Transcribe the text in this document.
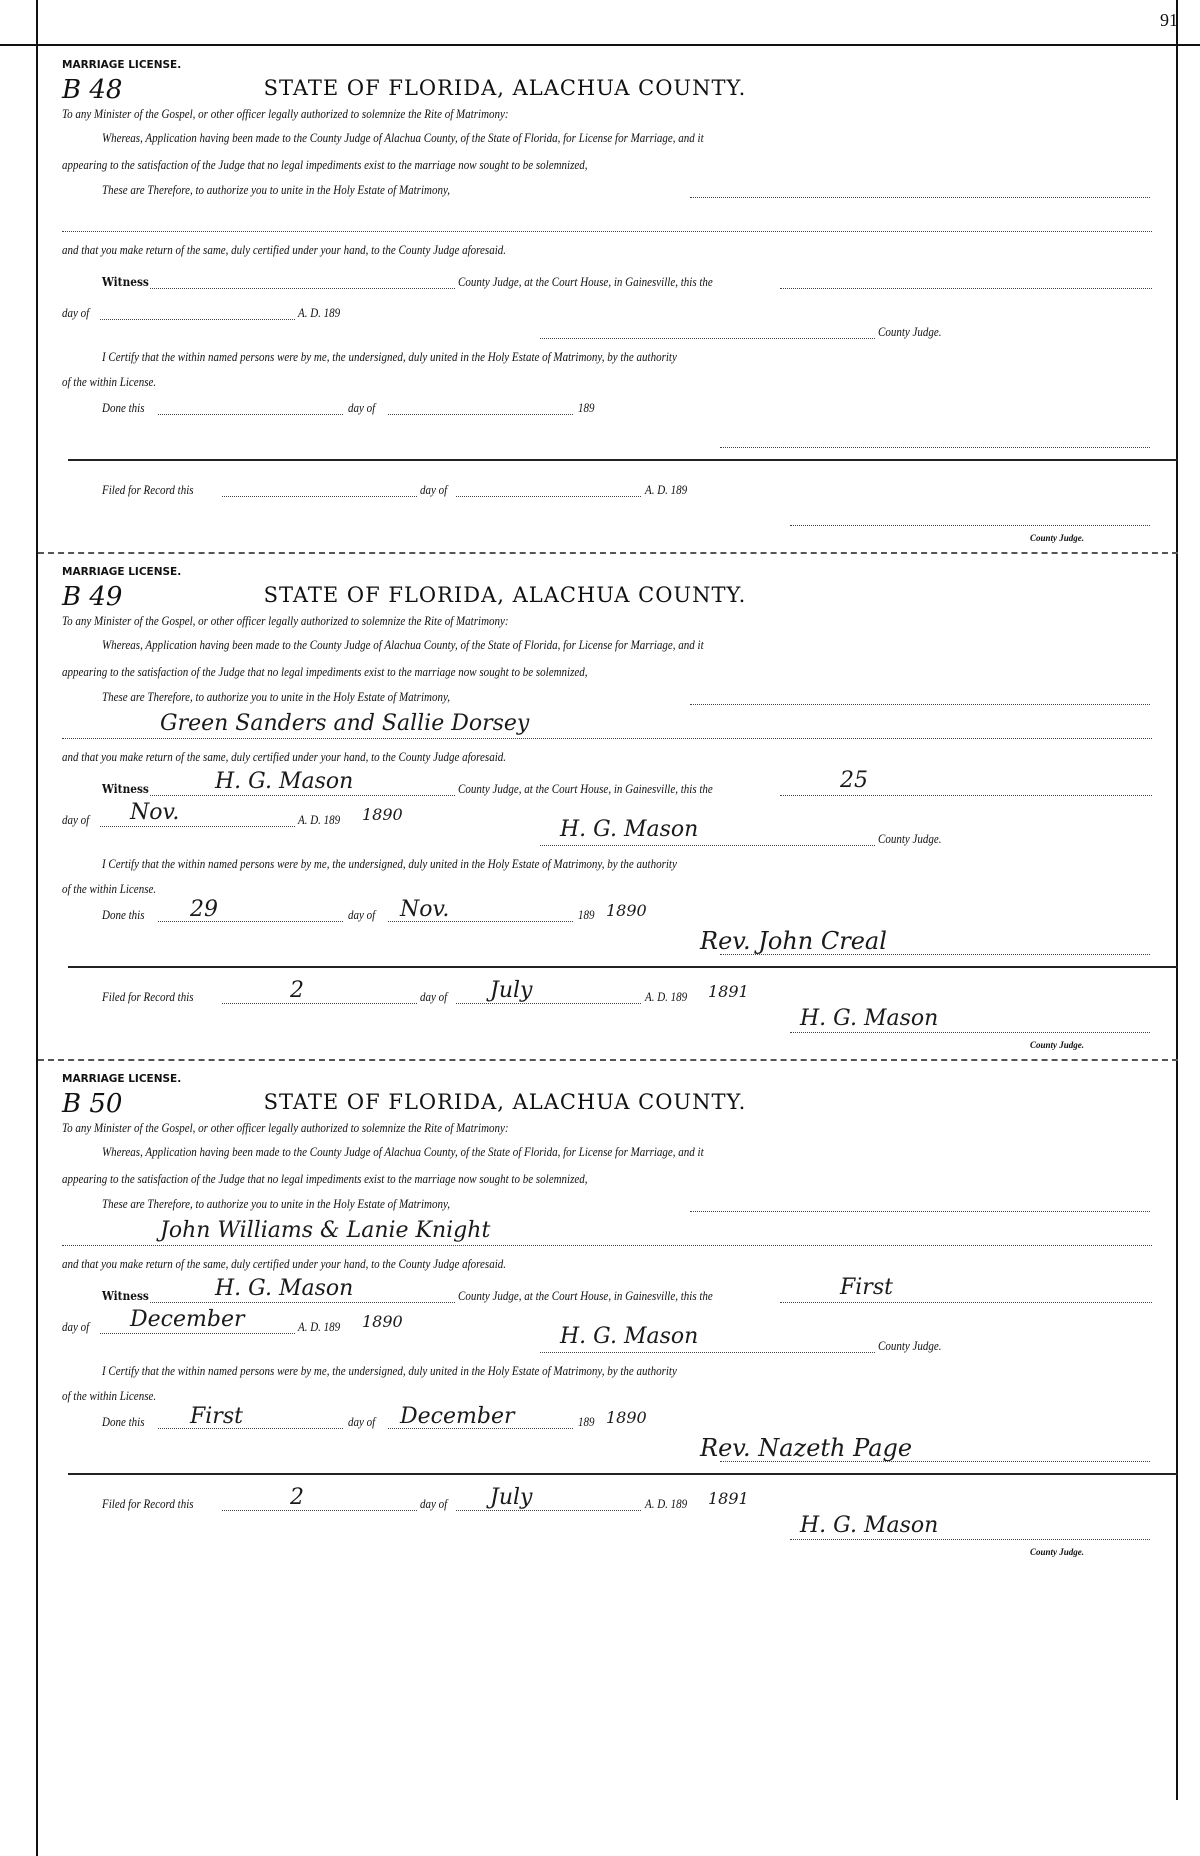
91
MARRIAGE LICENSE.
B 48	STATE OF FLORIDA, ALACHUA COUNTY.
To any Minister of the Gospel, or other officer legally authorized to solemnize the Rite of Matrimony:
Whereas, Application having been made to the County Judge of Alachua County, of the State of Florida, for License for Marriage, and it
appearing to the satisfaction of the Judge that no legal impediments exist to the marriage now sought to be solemnized,
These are Therefore, to authorize you to unite in the Holy Estate of Matrimony,
and that you make return of the same, duly certified under your hand, to the County Judge aforesaid.
Witness	County Judge, at the Court House, in Gainesville, this the
day of	A. D. 189
County Judge.
I Certify that the within named persons were by me, the undersigned, duly united in the Holy Estate of Matrimony, by the authority
of the within License.
Done this	day of	189
Filed for Record this	day of	A. D. 189
County Judge.
MARRIAGE LICENSE.
B 49	STATE OF FLORIDA, ALACHUA COUNTY.
To any Minister of the Gospel, or other officer legally authorized to solemnize the Rite of Matrimony:
Whereas, Application having been made to the County Judge of Alachua County, of the State of Florida, for License for Marriage, and it
appearing to the satisfaction of the Judge that no legal impediments exist to the marriage now sought to be solemnized,
These are Therefore, to authorize you to unite in the Holy Estate of Matrimony,
Green Sanders and Sallie Dorsey
and that you make return of the same, duly certified under your hand, to the County Judge aforesaid.
Witness	H. G. Mason	County Judge, at the Court House, in Gainesville, this the	25
day of Nov.	A. D. 189 1890
H. G. Mason	County Judge.
I Certify that the within named persons were by me, the undersigned, duly united in the Holy Estate of Matrimony, by the authority
of the within License.
Done this 29	day of Nov.	189 1890
Rev. John Creal
Filed for Record this	2	day of July	A. D. 189 1891
H. G. Mason
County Judge.
MARRIAGE LICENSE.
B 50	STATE OF FLORIDA, ALACHUA COUNTY.
To any Minister of the Gospel, or other officer legally authorized to solemnize the Rite of Matrimony:
Whereas, Application having been made to the County Judge of Alachua County, of the State of Florida, for License for Marriage, and it
appearing to the satisfaction of the Judge that no legal impediments exist to the marriage now sought to be solemnized,
These are Therefore, to authorize you to unite in the Holy Estate of Matrimony,
John Williams & Lanie Knight
and that you make return of the same, duly certified under your hand, to the County Judge aforesaid.
Witness	H. G. Mason	County Judge, at the Court House, in Gainesville, this the	First
day of December	A. D. 189 1890
H. G. Mason	County Judge.
I Certify that the within named persons were by me, the undersigned, duly united in the Holy Estate of Matrimony, by the authority
of the within License.
Done this First	day of December	189 1890
Rev. Nazeth Page
Filed for Record this	2	day of July	A. D. 189 1891
H. G. Mason
County Judge.
